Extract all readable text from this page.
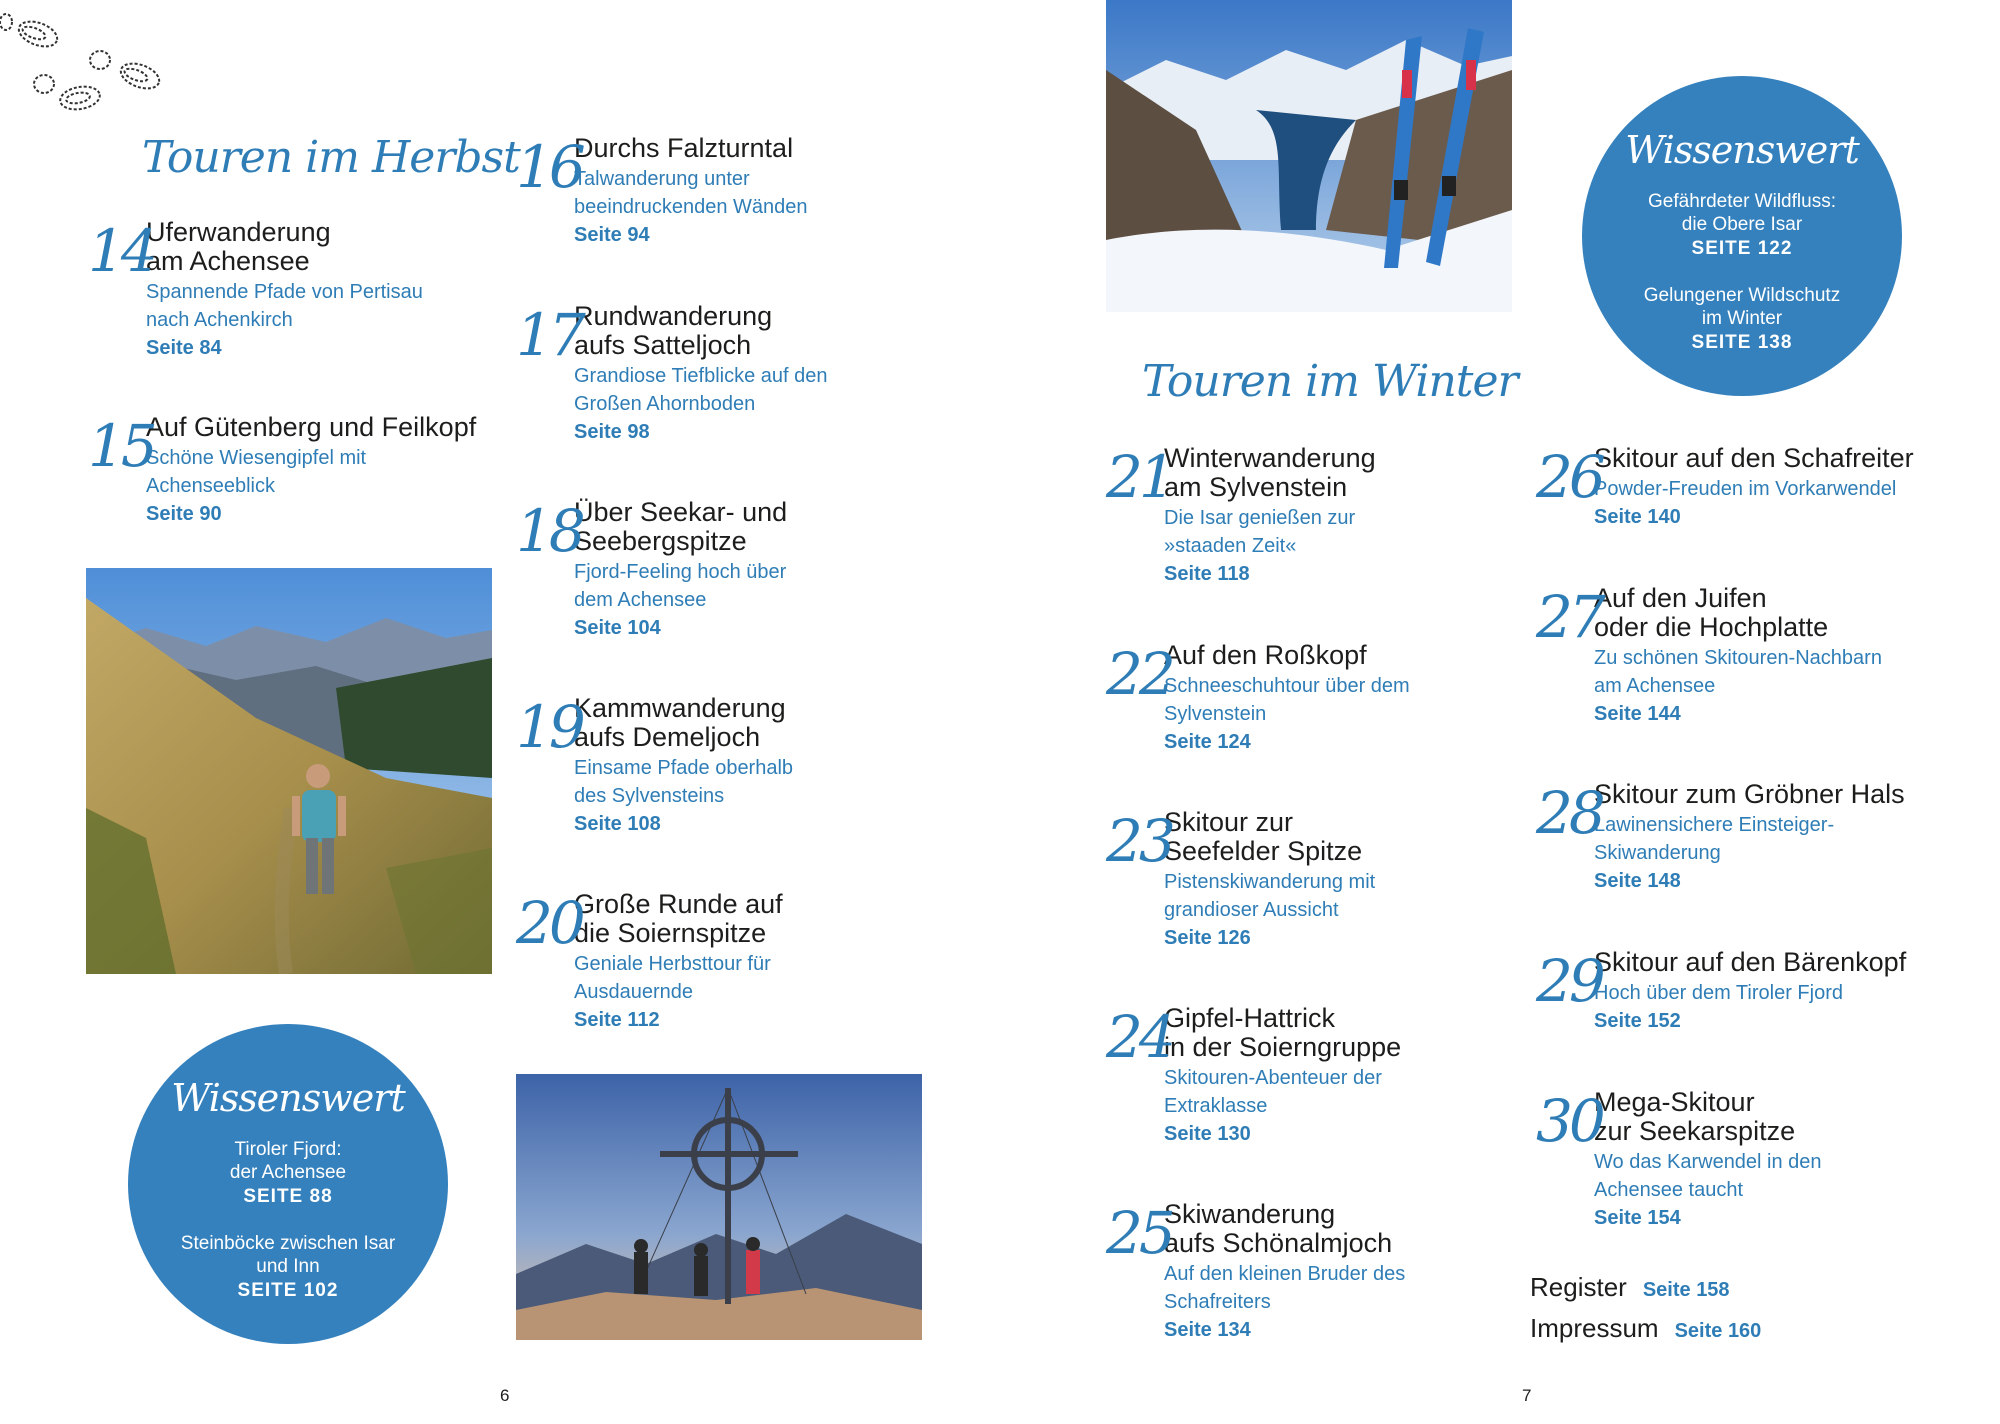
Touren im Herbst
Touren im Winter
14
Uferwanderung
am Achensee
Spannende Pfade von Pertisau
nach Achenkirch
Seite 84
15
Auf Gütenberg und Feilkopf
Schöne Wiesengipfel mit
Achenseeblick
Seite 90
16
Durchs Falzturntal
Talwanderung unter
beeindruckenden Wänden
Seite 94
17
Rundwanderung
aufs Satteljoch
Grandiose Tiefblicke auf den
Großen Ahornboden
Seite 98
18
Über Seekar- und
Seebergspitze
Fjord-Feeling hoch über
dem Achensee
Seite 104
19
Kammwanderung
aufs Demeljoch
Einsame Pfade oberhalb
des Sylvensteins
Seite 108
20
Große Runde auf
die Soiernspitze
Geniale Herbsttour für
Ausdauernde
Seite 112
21
Winterwanderung
am Sylvenstein
Die Isar genießen zur
»staaden Zeit«
Seite 118
22
Auf den Roßkopf
Schneeschuhtour über dem
Sylvenstein
Seite 124
23
Skitour zur
Seefelder Spitze
Pistenskiwanderung mit
grandioser Aussicht
Seite 126
24
Gipfel-Hattrick
in der Soierngruppe
Skitouren-Abenteuer der
Extraklasse
Seite 130
25
Skiwanderung
aufs Schönalmjoch
Auf den kleinen Bruder des
Schafreiters
Seite 134
26
Skitour auf den Schafreiter
Powder-Freuden im Vorkarwendel
Seite 140
27
Auf den Juifen
oder die Hochplatte
Zu schönen Skitouren-Nachbarn
am Achensee
Seite 144
28
Skitour zum Gröbner Hals
Lawinensichere Einsteiger-
Skiwanderung
Seite 148
29
Skitour auf den Bärenkopf
Hoch über dem Tiroler Fjord
Seite 152
30
Mega-Skitour
zur Seekarspitze
Wo das Karwendel in den
Achensee taucht
Seite 154
Register Seite 158
Impressum Seite 160
Wissenswert
Tiroler Fjord:
der Achensee
SEITE 88
Steinböcke zwischen Isar
und Inn
SEITE 102
Wissenswert
Gefährdeter Wildfluss:
die Obere Isar
SEITE 122
Gelungener Wildschutz
im Winter
SEITE 138
6	7
